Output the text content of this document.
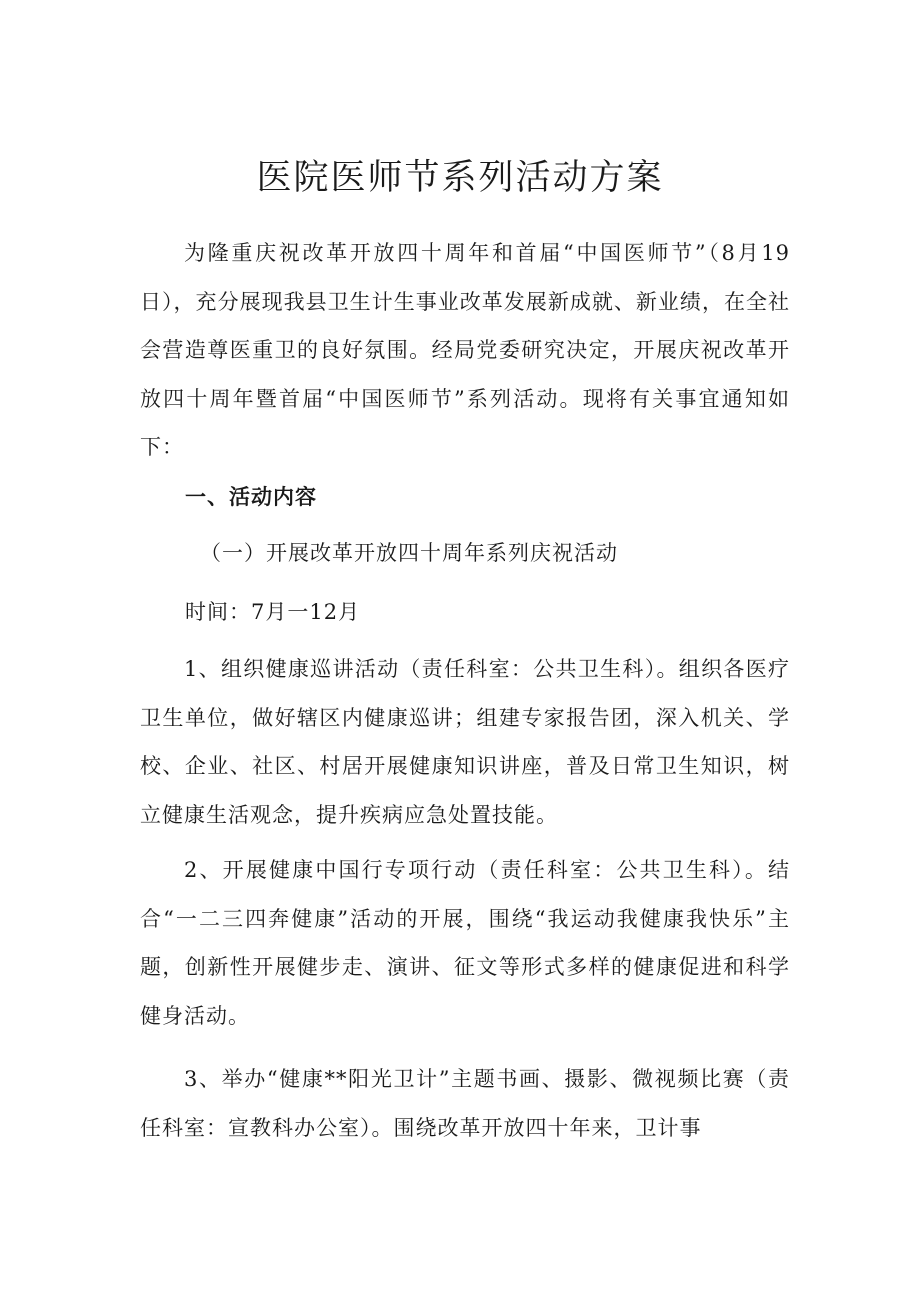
医院医师节系列活动方案

为隆重庆祝改革开放四十周年和首届“中国医师节”（8月19日），充分展现我县卫生计生事业改革发展新成就、新业绩，在全社会营造尊医重卫的良好氛围。经局党委研究决定，开展庆祝改革开放四十周年暨首届“中国医师节”系列活动。现将有关事宜通知如下：

一、活动内容

（一）开展改革开放四十周年系列庆祝活动

时间：7月一12月

1、组织健康巡讲活动（责任科室：公共卫生科）。组织各医疗卫生单位，做好辖区内健康巡讲；组建专家报告团，深入机关、学校、企业、社区、村居开展健康知识讲座，普及日常卫生知识，树立健康生活观念，提升疾病应急处置技能。

2、开展健康中国行专项行动（责任科室：公共卫生科）。结合“一二三四奔健康”活动的开展，围绕“我运动我健康我快乐”主题，创新性开展健步走、演讲、征文等形式多样的健康促进和科学健身活动。

3、举办“健康**阳光卫计”主题书画、摄影、微视频比赛（责任科室：宣教科办公室）。围绕改革开放四十年来，卫计事
